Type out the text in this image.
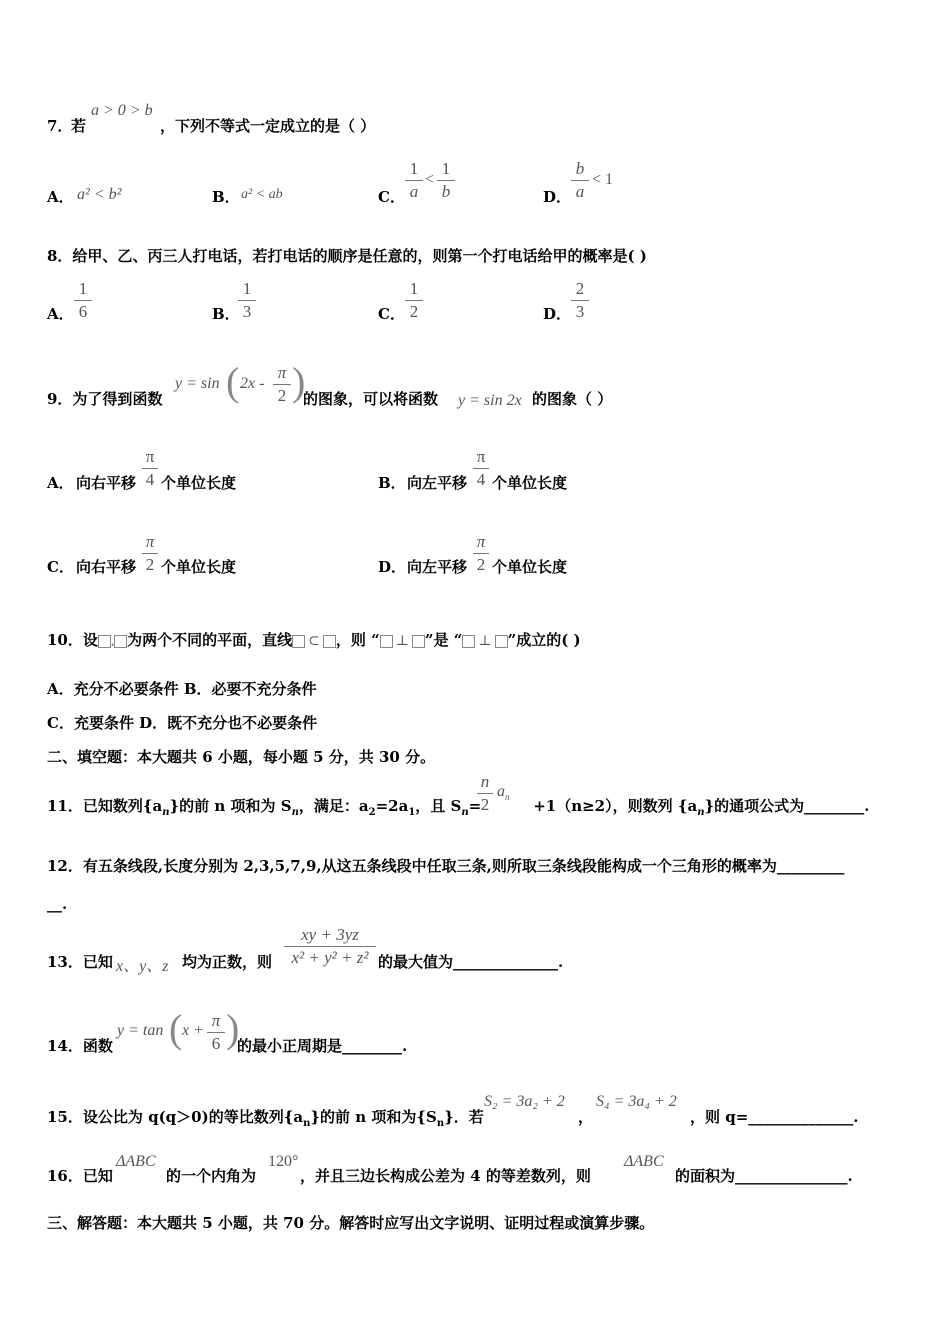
7．
若
a > 0 > b
，下列不等式一定成立的是（ ）
A． a² < b²	B． a² < ab	C．
1
a
<
1
b	D．
b
a
< 1
8．给甲、乙、丙三人打电话，若打电话的顺序是任意的，则第一个打电话给甲的概率是( )
A．
1
6	B．
1
3	C．
1
2	D．
2
3
9．为了得到函数
y = sin ( 2x -
π
2 )
的图象，可以将函数 y = sin 2x 的图象（ ）
A． 向右平移
π
4 个单位长度	B． 向左平移
π
4 个单位长度
C． 向右平移
π
2 个单位长度	D． 向左平移
π
2 个单位长度
10．设 , 为两个不同的平面，直线 ⊂ ，则 “ ⊥ ”是 “ ⊥ ”成立的( )
A．充分不必要条件 B．必要不充分条件
C．充要条件 D．既不充分也不必要条件
二、填空题：本大题共 6 小题，每小题 5 分，共 30 分。
11．已知数列$\{a_n\}$的前 n 项和为 $S_n$，满足：$a_2=2a_1$，且 $S_n=$	+1（n≥2），则数列 $\{a_n\}$的通项公式为________.
n
2
$a_n$
12．有五条线段,长度分别为 2,3,5,7,9,从这五条线段中任取三条,则所取三条线段能构成一个三角形的概率为_________
__.
13．已知 x、y、z 均为正数，则
xy + 3yz
x² + y² + z² 的最大值为______________.
14．函数
y = tan ( x +
π
6 )
的最小正周期是________.
15．设公比为 q(q＞0)的等比数列$\{a_n\}$的前 n 项和为$\{S_n\}$．若
S₂ = 3a₂ + 2
，
S₄ = 3a₄ + 2
，则 q=______________.
16．已知
ΔABC
的一个内角为
120°
，并且三边长构成公差为 4 的等差数列，则
ΔABC
的面积为_______________.
三、解答题：本大题共 5 小题，共 70 分。解答时应写出文字说明、证明过程或演算步骤。
